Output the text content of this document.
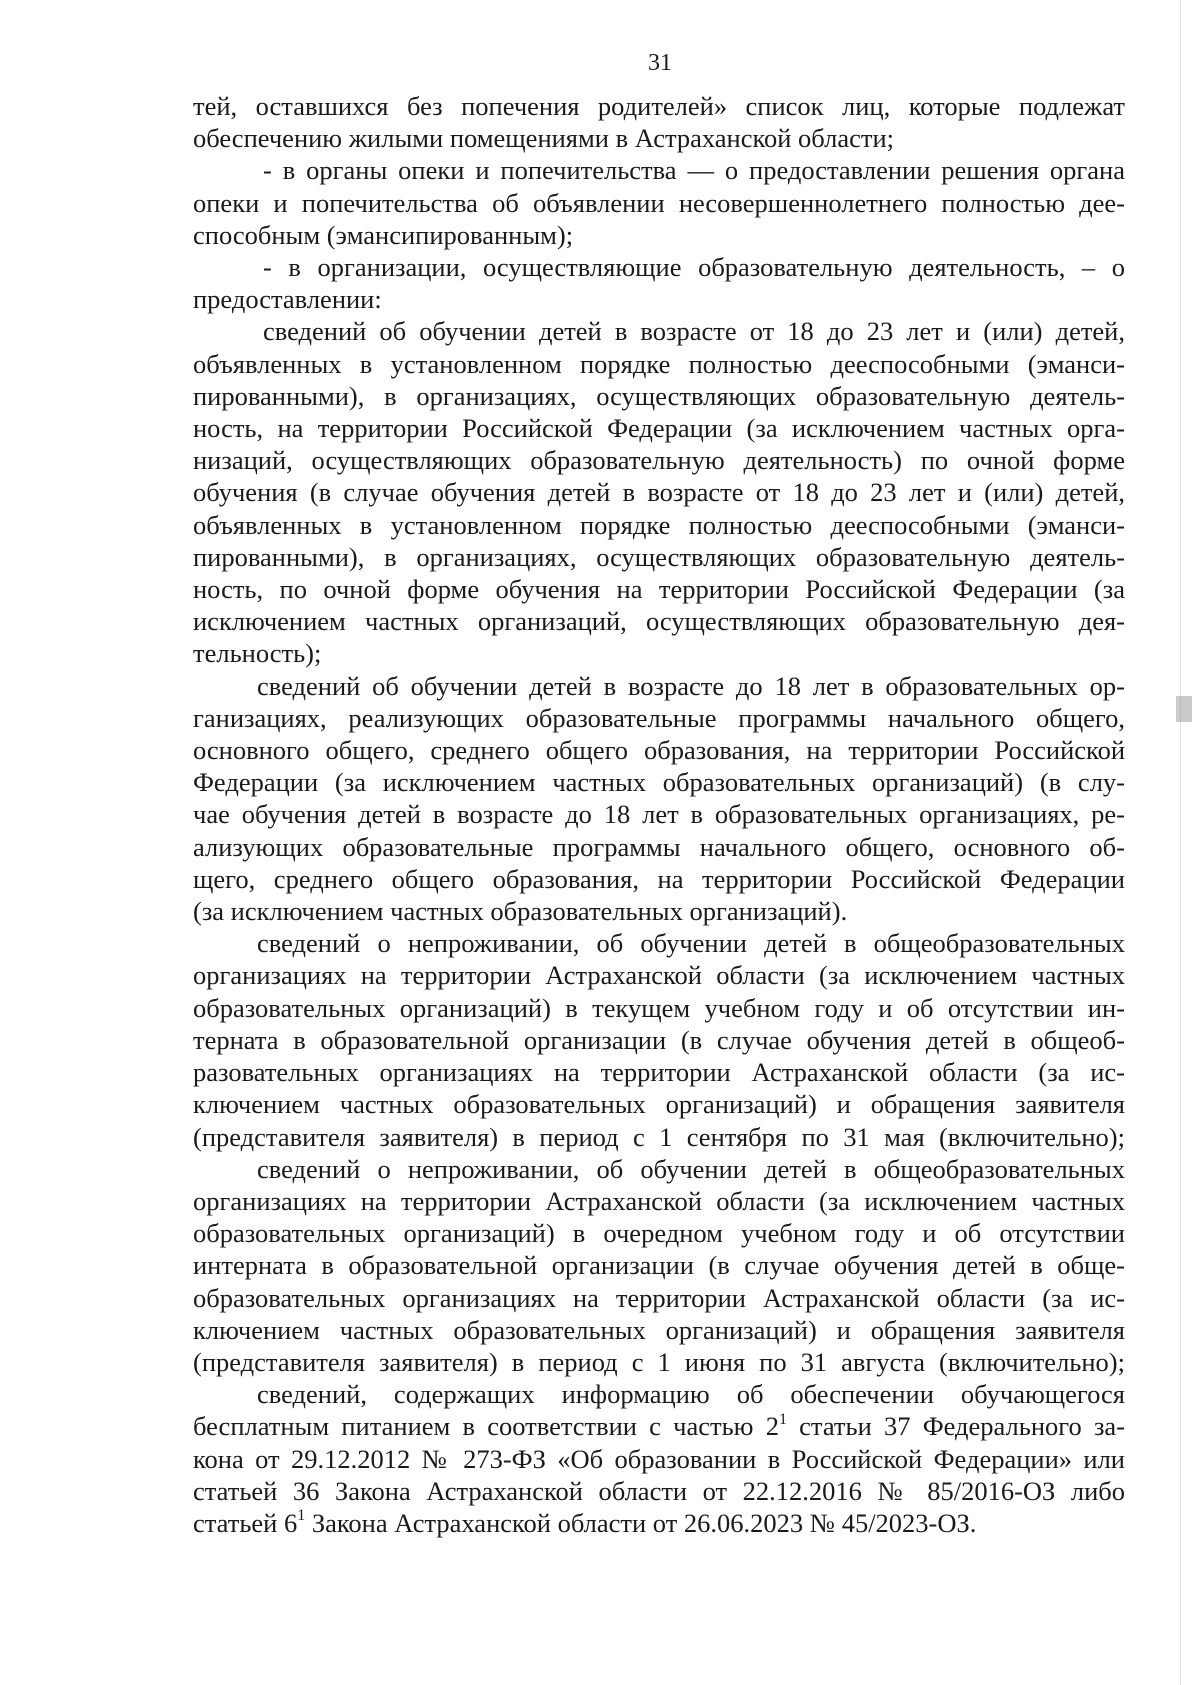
31
тей, оставшихся без попечения родителей» список лиц, которые подлежат
обеспечению жилыми помещениями в Астраханской области;
- в органы опеки и попечительства — о предоставлении решения органа
опеки и попечительства об объявлении несовершеннолетнего полностью дее-
способным (эмансипированным);
- в организации, осуществляющие образовательную деятельность, – о
предоставлении:
сведений об обучении детей в возрасте от 18 до 23 лет и (или) детей,
объявленных в установленном порядке полностью дееспособными (эманси-
пированными), в организациях, осуществляющих образовательную деятель-
ность, на территории Российской Федерации (за исключением частных орга-
низаций, осуществляющих образовательную деятельность) по очной форме
обучения (в случае обучения детей в возрасте от 18 до 23 лет и (или) детей,
объявленных в установленном порядке полностью дееспособными (эманси-
пированными), в организациях, осуществляющих образовательную деятель-
ность, по очной форме обучения на территории Российской Федерации (за
исключением частных организаций, осуществляющих образовательную дея-
тельность);
сведений об обучении детей в возрасте до 18 лет в образовательных ор-
ганизациях, реализующих образовательные программы начального общего,
основного общего, среднего общего образования, на территории Российской
Федерации (за исключением частных образовательных организаций) (в слу-
чае обучения детей в возрасте до 18 лет в образовательных организациях, ре-
ализующих образовательные программы начального общего, основного об-
щего, среднего общего образования, на территории Российской Федерации
(за исключением частных образовательных организаций).
сведений о непроживании, об обучении детей в общеобразовательных
организациях на территории Астраханской области (за исключением частных
образовательных организаций) в текущем учебном году и об отсутствии ин-
терната в образовательной организации (в случае обучения детей в общеоб-
разовательных организациях на территории Астраханской области (за ис-
ключением частных образовательных организаций) и обращения заявителя
(представителя заявителя) в период с 1 сентября по 31 мая (включительно);
сведений о непроживании, об обучении детей в общеобразовательных
организациях на территории Астраханской области (за исключением частных
образовательных организаций) в очередном учебном году и об отсутствии
интерната в образовательной организации (в случае обучения детей в обще-
образовательных организациях на территории Астраханской области (за ис-
ключением частных образовательных организаций) и обращения заявителя
(представителя заявителя) в период с 1 июня по 31 августа (включительно);
сведений, содержащих информацию об обеспечении обучающегося
бесплатным питанием в соответствии с частью $2^1$ статьи 37 Федерального за-
кона от 29.12.2012 № 273-ФЗ «Об образовании в Российской Федерации» или
статьей 36 Закона Астраханской области от 22.12.2016 № 85/2016-ОЗ либо
статьей $6^1$ Закона Астраханской области от 26.06.2023 № 45/2023-ОЗ.
